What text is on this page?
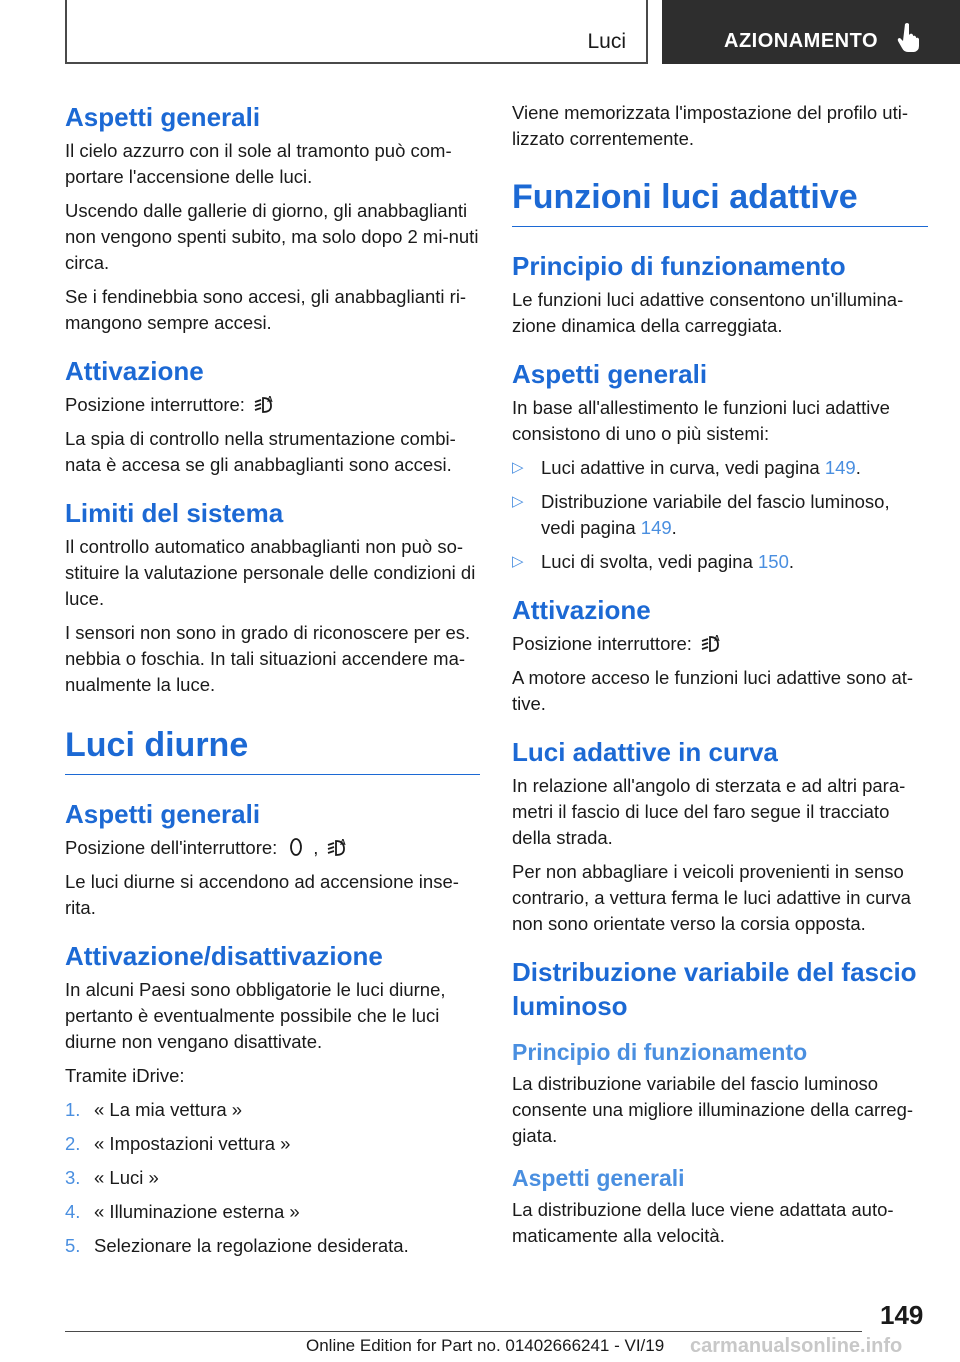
Luci	AZIONAMENTO
Aspetti generali

Il cielo azzurro con il sole al tramonto può com-portare l'accensione delle luci.

Uscendo dalle gallerie di giorno, gli anabbaglianti non vengono spenti subito, ma solo dopo 2 mi-nuti circa.

Se i fendinebbia sono accesi, gli anabbaglianti ri-mangono sempre accesi.

Attivazione

Posizione interruttore:	A

La spia di controllo nella strumentazione combi-nata è accesa se gli anabbaglianti sono accesi.

Limiti del sistema

Il controllo automatico anabbaglianti non può so-stituire la valutazione personale delle condizioni di luce.

I sensori non sono in grado di riconoscere per es. nebbia o foschia. In tali situazioni accendere ma-nualmente la luce.

Luci diurne
Aspetti generali

Posizione dell'interruttore: ,	A

Le luci diurne si accendono ad accensione inse-rita.

Attivazione/disattivazione

In alcuni Paesi sono obbligatorie le luci diurne, pertanto è eventualmente possibile che le luci diurne non vengano disattivate.

Tramite iDrive:

1. « La mia vettura »
2. « Impostazioni vettura »
3. « Luci »
4. « Illuminazione esterna »
5. Selezionare la regolazione desiderata.

Viene memorizzata l'impostazione del profilo uti-lizzato correntemente.

Funzioni luci adattive
Principio di funzionamento

Le funzioni luci adattive consentono un'illumina-zione dinamica della carreggiata.

Aspetti generali

In base all'allestimento le funzioni luci adattive consistono di uno o più sistemi:

▷ Luci adattive in curva, vedi pagina 149.
▷ Distribuzione variabile del fascio luminoso, vedi pagina 149.
▷ Luci di svolta, vedi pagina 150.
Attivazione

Posizione interruttore:	A

A motore acceso le funzioni luci adattive sono at-tive.

Luci adattive in curva

In relazione all'angolo di sterzata e ad altri para-metri il fascio di luce del faro segue il tracciato della strada.

Per non abbagliare i veicoli provenienti in senso contrario, a vettura ferma le luci adattive in curva non sono orientate verso la corsia opposta.

Distribuzione variabile del fascio luminoso
Principio di funzionamento

La distribuzione variabile del fascio luminoso consente una migliore illuminazione della carreg-giata.

Aspetti generali

La distribuzione della luce viene adattata auto-maticamente alla velocità.

149
Online Edition for Part no. 01402666241 - VI/19 carmanualsonline.info
